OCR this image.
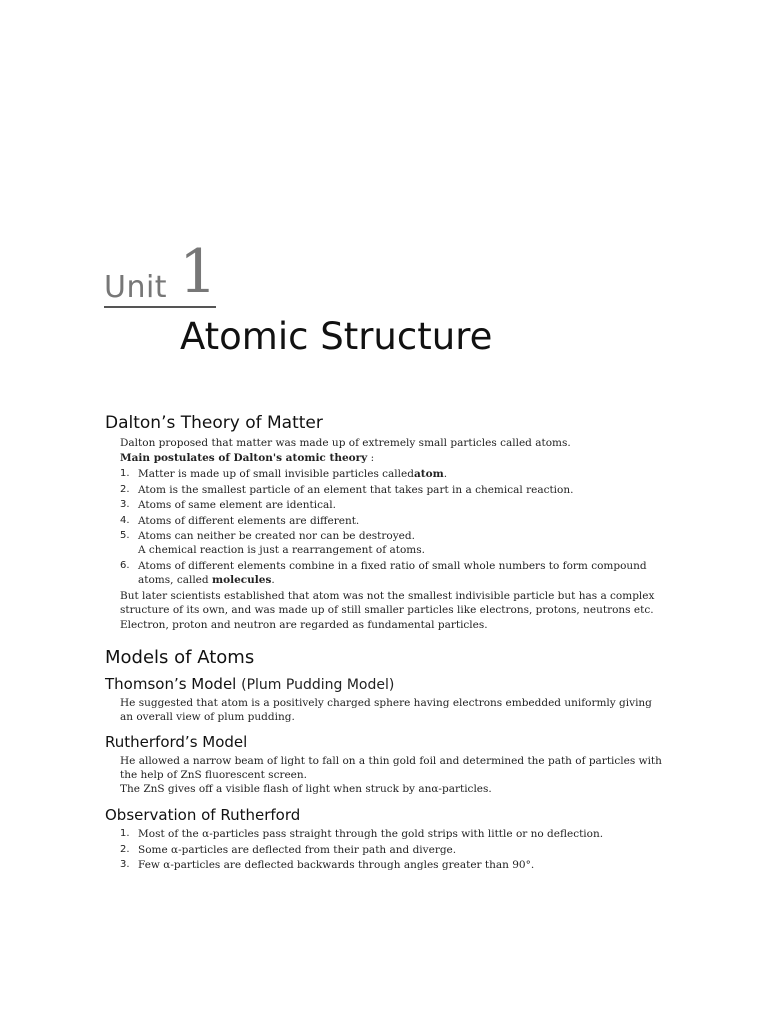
Unit 1
Atomic Structure
Dalton’s Theory of Matter

Dalton proposed that matter was made up of extremely small particles called atoms.

Main postulates of Dalton's atomic theory :

1. Matter is made up of small invisible particles calledatom.
2. Atom is the smallest particle of an element that takes part in a chemical reaction.
3. Atoms of same element are identical.
4. Atoms of different elements are different.
5. Atoms can neither be created nor can be destroyed.
A chemical reaction is just a rearrangement of atoms.
6. Atoms of different elements combine in a fixed ratio of small whole numbers to form compound atoms, called molecules.

But later scientists established that atom was not the smallest indivisible particle but has a complex structure of its own, and was made up of still smaller particles like electrons, protons, neutrons etc.

Electron, proton and neutron are regarded as fundamental particles.

Models of Atoms
Thomson’s Model (Plum Pudding Model)

He suggested that atom is a positively charged sphere having electrons embedded uniformly giving an overall view of plum pudding.

Rutherford’s Model

He allowed a narrow beam of light to fall on a thin gold foil and determined the path of particles with the help of ZnS fluorescent screen.

The ZnS gives off a visible flash of light when struck by anα-particles.

Observation of Rutherford
1. Most of the α-particles pass straight through the gold strips with little or no deflection.
2. Some α-particles are deflected from their path and diverge.
3. Few α-particles are deflected backwards through angles greater than 90°.
